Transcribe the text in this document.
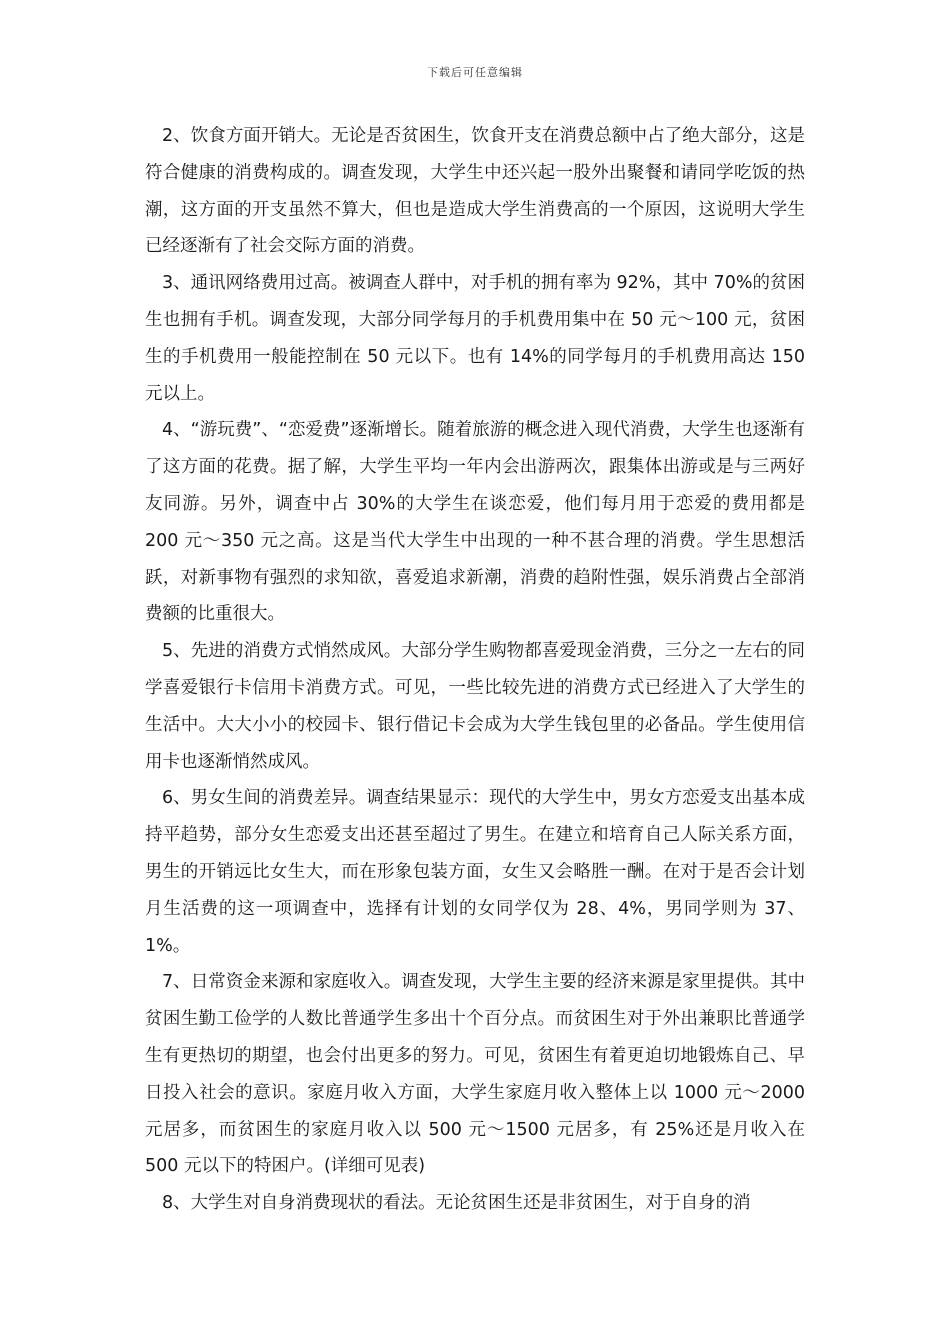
下载后可任意编辑

2、饮食方面开销大。无论是否贫困生，饮食开支在消费总额中占了绝大部分，这是符合健康的消费构成的。调查发现，大学生中还兴起一股外出聚餐和请同学吃饭的热潮，这方面的开支虽然不算大，但也是造成大学生消费高的一个原因，这说明大学生已经逐渐有了社会交际方面的消费。

3、通讯网络费用过高。被调查人群中，对手机的拥有率为 92%，其中 70%的贫困生也拥有手机。调查发现，大部分同学每月的手机费用集中在 50 元～100 元，贫困生的手机费用一般能控制在 50 元以下。也有 14%的同学每月的手机费用高达 150 元以上。

4、“游玩费”、“恋爱费”逐渐增长。随着旅游的概念进入现代消费，大学生也逐渐有了这方面的花费。据了解，大学生平均一年内会出游两次，跟集体出游或是与三两好友同游。另外，调查中占 30%的大学生在谈恋爱，他们每月用于恋爱的费用都是 200 元～350 元之高。这是当代大学生中出现的一种不甚合理的消费。学生思想活跃，对新事物有强烈的求知欲，喜爱追求新潮，消费的趋附性强，娱乐消费占全部消费额的比重很大。

5、先进的消费方式悄然成风。大部分学生购物都喜爱现金消费，三分之一左右的同学喜爱银行卡信用卡消费方式。可见，一些比较先进的消费方式已经进入了大学生的生活中。大大小小的校园卡、银行借记卡会成为大学生钱包里的必备品。学生使用信用卡也逐渐悄然成风。

6、男女生间的消费差异。调查结果显示：现代的大学生中，男女方恋爱支出基本成持平趋势，部分女生恋爱支出还甚至超过了男生。在建立和培育自己人际关系方面，男生的开销远比女生大，而在形象包装方面，女生又会略胜一酬。在对于是否会计划月生活费的这一项调查中，选择有计划的女同学仅为 28、4%，男同学则为 37、1%。

7、日常资金来源和家庭收入。调查发现，大学生主要的经济来源是家里提供。其中贫困生勤工俭学的人数比普通学生多出十个百分点。而贫困生对于外出兼职比普通学生有更热切的期望，也会付出更多的努力。可见，贫困生有着更迫切地锻炼自己、早日投入社会的意识。家庭月收入方面，大学生家庭月收入整体上以 1000 元～2000 元居多，而贫困生的家庭月收入以 500 元～1500 元居多，有 25%还是月收入在 500 元以下的特困户。(详细可见表)

8、大学生对自身消费现状的看法。无论贫困生还是非贫困生，对于自身的消
